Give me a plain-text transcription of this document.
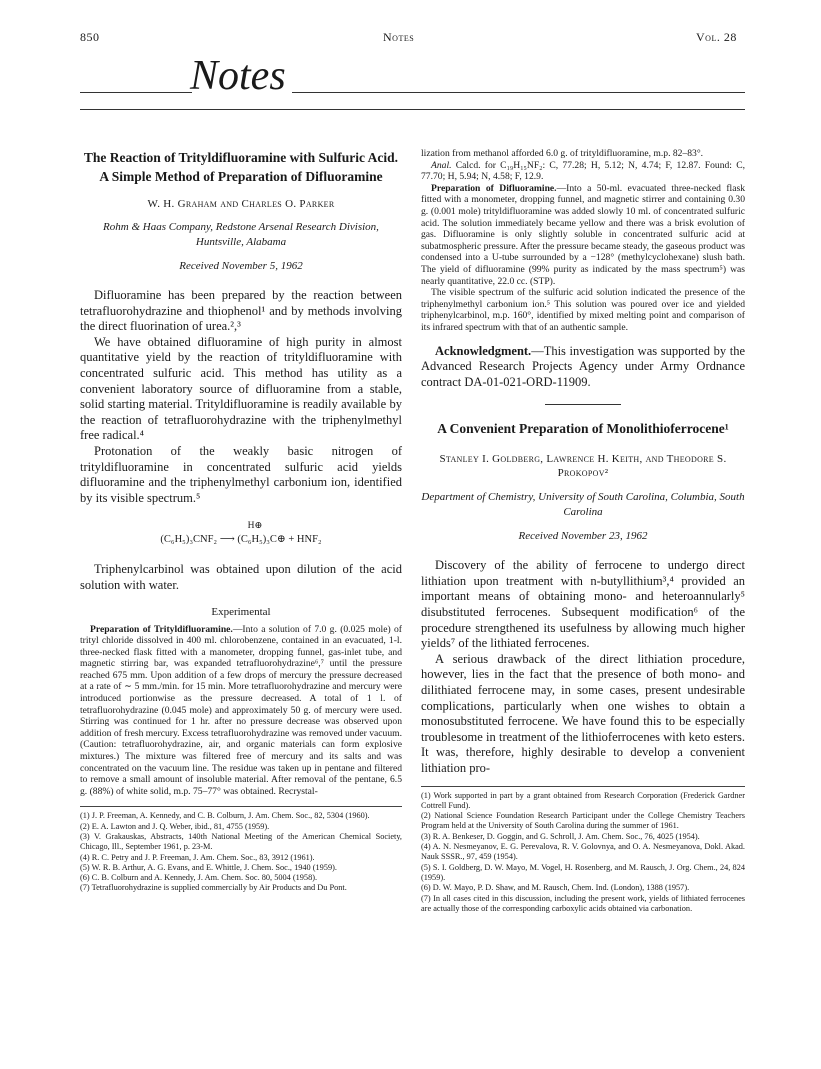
850	Notes	Vol. 28
Notes

The Reaction of Trityldifluoramine with Sulfuric Acid. A Simple Method of Preparation of Difluoramine

W. H. Graham and Charles O. Parker

Rohm & Haas Company, Redstone Arsenal Research Division, Huntsville, Alabama

Received November 5, 1962

Difluoramine has been prepared by the reaction between tetrafluorohydrazine and thiophenol¹ and by methods involving the direct fluorination of urea.²,³

We have obtained difluoramine of high purity in almost quantitative yield by the reaction of trityldifluoramine with concentrated sulfuric acid. This method has utility as a convenient laboratory source of difluoramine from a stable, solid starting material. Trityldifluoramine is readily available by the reaction of tetrafluorohydrazine with the triphenylmethyl free radical.⁴

Protonation of the weakly basic nitrogen of trityldifluoramine in concentrated sulfuric acid yields difluoramine and the triphenylmethyl carbonium ion, identified by its visible spectrum.⁵

H⊕
(C₆H₅)₃CNF₂ ⟶ (C₆H₅)₃C⊕ + HNF₂

Triphenylcarbinol was obtained upon dilution of the acid solution with water.

Experimental

Preparation of Trityldifluoramine.—Into a solution of 7.0 g. (0.025 mole) of trityl chloride dissolved in 400 ml. chlorobenzene, contained in an evacuated, 1-l. three-necked flask fitted with a manometer, dropping funnel, gas-inlet tube, and magnetic stirring bar, was expanded tetrafluorohydrazine⁶,⁷ until the pressure reached 675 mm. Upon addition of a few drops of mercury the pressure decreased at a rate of ∼ 5 mm./min. for 15 min. More tetrafluorohydrazine and mercury were introduced portionwise as the pressure decreased. A total of 1 l. of tetrafluorohydrazine (0.045 mole) and approximately 50 g. of mercury were used. Stirring was continued for 1 hr. after no pressure decrease was observed upon addition of fresh mercury. Excess tetrafluorohydrazine was removed under vacuum. (Caution: tetrafluorohydrazine, air, and organic materials can form explosive mixtures.) The mixture was filtered free of mercury and its salts and was concentrated on the vacuum line. The residue was taken up in pentane and filtered to remove a small amount of insoluble material. After removal of the pentane, 6.5 g. (88%) of white solid, m.p. 75–77° was obtained. Recrystal-

(1) J. P. Freeman, A. Kennedy, and C. B. Colburn, J. Am. Chem. Soc., 82, 5304 (1960).

(2) E. A. Lawton and J. Q. Weber, ibid., 81, 4755 (1959).

(3) V. Grakauskas, Abstracts, 140th National Meeting of the American Chemical Society, Chicago, Ill., September 1961, p. 23-M.

(4) R. C. Petry and J. P. Freeman, J. Am. Chem. Soc., 83, 3912 (1961).

(5) W. R. B. Arthur, A. G. Evans, and E. Whittle, J. Chem. Soc., 1940 (1959).

(6) C. B. Colburn and A. Kennedy, J. Am. Chem. Soc. 80, 5004 (1958).

(7) Tetrafluorohydrazine is supplied commercially by Air Products and Du Pont.

lization from methanol afforded 6.0 g. of trityldifluoramine, m.p. 82–83°.

Anal. Calcd. for C₁₉H₁₅NF₂: C, 77.28; H, 5.12; N, 4.74; F, 12.87. Found: C, 77.70; H, 5.94; N, 4.58; F, 12.9.

Preparation of Difluoramine.—Into a 50-ml. evacuated three-necked flask fitted with a monometer, dropping funnel, and magnetic stirrer and containing 0.30 g. (0.001 mole) trityldifluoramine was added slowly 10 ml. of concentrated sulfuric acid. The solution immediately became yellow and there was a brisk evolution of gas. Difluoramine is only slightly soluble in concentrated sulfuric acid at subatmospheric pressure. After the pressure became steady, the gaseous product was condensed into a U-tube surrounded by a −128° (methylcyclohexane) slush bath. The yield of difluoramine (99% purity as indicated by the mass spectrum⁵) was nearly quantitative, 22.0 cc. (STP).

The visible spectrum of the sulfuric acid solution indicated the presence of the triphenylmethyl carbonium ion.⁵ This solution was poured over ice and yielded triphenylcarbinol, m.p. 160°, identified by mixed melting point and comparison of its infrared spectrum with that of an authentic sample.

Acknowledgment.—This investigation was supported by the Advanced Research Projects Agency under Army Ordnance contract DA-01-021-ORD-11909.

A Convenient Preparation of Monolithioferrocene¹

Stanley I. Goldberg, Lawrence H. Keith, and Theodore S. Prokopov²

Department of Chemistry, University of South Carolina, Columbia, South Carolina

Received November 23, 1962

Discovery of the ability of ferrocene to undergo direct lithiation upon treatment with n-butyllithium³,⁴ provided an important means of obtaining mono- and heteroannularly⁵ disubstituted ferrocenes. Subsequent modification⁶ of the procedure strengthened its usefulness by allowing much higher yields⁷ of the lithiated ferrocenes.

A serious drawback of the direct lithiation procedure, however, lies in the fact that the presence of both mono- and dilithiated ferrocene may, in some cases, present undesirable complications, particularly when one wishes to obtain a monosubstituted ferrocene. We have found this to be especially troublesome in treatment of the lithioferrocenes with keto esters. It was, therefore, highly desirable to develop a convenient lithiation pro-

(1) Work supported in part by a grant obtained from Research Corporation (Frederick Gardner Cottrell Fund).

(2) National Science Foundation Research Participant under the College Chemistry Teachers Program held at the University of South Carolina during the summer of 1961.

(3) R. A. Benkeser, D. Goggin, and G. Schroll, J. Am. Chem. Soc., 76, 4025 (1954).

(4) A. N. Nesmeyanov, E. G. Perevalova, R. V. Golovnya, and O. A. Nesmeyanova, Dokl. Akad. Nauk SSSR., 97, 459 (1954).

(5) S. I. Goldberg, D. W. Mayo, M. Vogel, H. Rosenberg, and M. Rausch, J. Org. Chem., 24, 824 (1959).

(6) D. W. Mayo, P. D. Shaw, and M. Rausch, Chem. Ind. (London), 1388 (1957).

(7) In all cases cited in this discussion, including the present work, yields of lithiated ferrocenes are actually those of the corresponding carboxylic acids obtained via carbonation.
